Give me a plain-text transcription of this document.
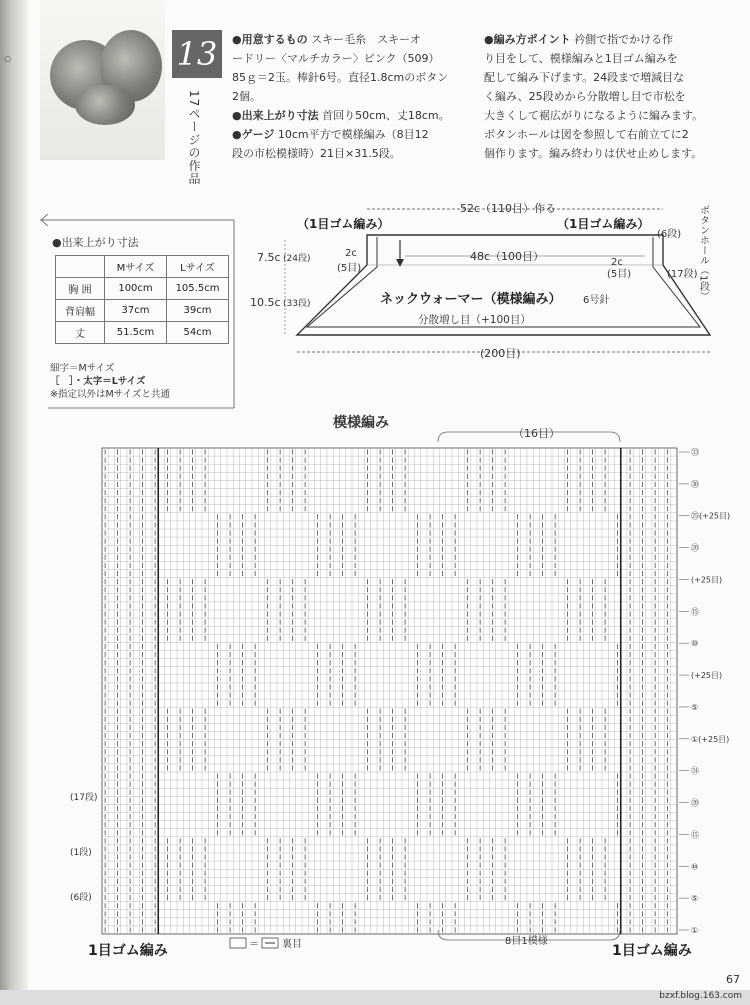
○	13
17ページの作品
●用意するもの スキー毛糸　スキーオ
ードリー〈マルチカラー〉ピンク（509）
85ｇ＝2玉。棒針6号。直径1.8cmのボタン
2個。
●出来上がり寸法 首回り50cm、丈18cm。
●ゲージ 10cm平方で模様編み（8目12
段の市松模様時）21目×31.5段。
●編み方ポイント 衿側で指でかける作
り目をして、模様編みと1目ゴム編みを
配して編み下げます。24段まで増減目な
く編み、25段めから分散増し目で市松を
大きくして裾広がりになるように編みます。
ボタンホールは図を参照して右前立てに2
個作ります。編み終わりは伏せ止めします。
●出来上がり寸法
	Mサイズ	Lサイズ
胸 囲	100cm	105.5cm
背肩幅	37cm	39cm
丈	51.5cm	54cm
細字＝Mサイズ
［　］・太字＝Lサイズ
※指定以外はMサイズと共通
52c（110目）作る
（1目ゴム編み）	（1目ゴム編み）
48c（100目）
2c
(5目)
2c
(5目)
7.5c (24段)
10.5c (33段)	ネックウォーマー（模様編み） 6号針
分散増し目（+100目）
(200目)
(6段)
(17段) ボタンホール（1段）
模様編み
（16目）
8目1模様
1目ゴム編み	1目ゴム編み
＝ 裏目
㉝
㉚
㉕(+25目)
⑳
(+25目)
⑮
⑩
(+25目)
⑤
①(+25目)
㉔
⑳
⑮
⑩
⑤
①
(17段)
(1段)
(6段)
67
bzxf.blog.163.com
